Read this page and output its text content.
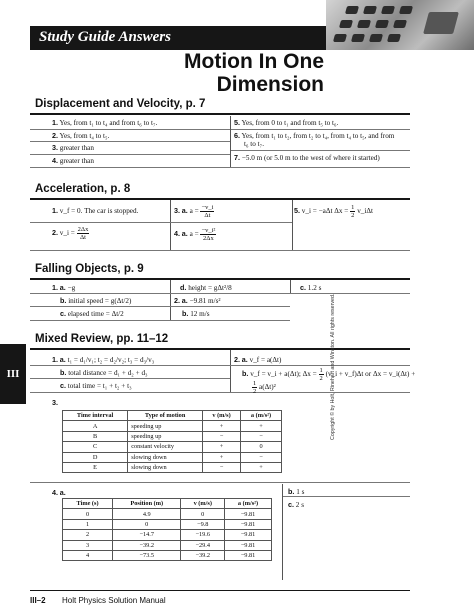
Study Guide Answers
Motion In One
Dimension
Displacement and Velocity, p. 7
1. Yes, from t₁ to t₄ and from t₆ to t₇.
2. Yes, from t₄ to t₅.
3. greater than
4. greater than
5. Yes, from 0 to t₁ and from t₅ to t₆.
6. Yes, from t₁ to t₂, from t₂ to t₄, from t₄ to t₅, and from
t₆ to t₇.
7. −5.0 m (or 5.0 m to the west of where it started)
Acceleration, p. 8
1. v_f = 0. The car is stopped.
2. v_i = $\frac{2\Delta x}{\Delta t}$
3. a. $a = \frac{-v\_i}{\Delta t}$
4. a. $a = \frac{\text{−v\_i²}}{2\Delta x}$
5. v_i = −aΔt $\Delta x = \frac{1}{2}$ v_iΔt
Falling Objects, p. 9
1. a. −g
b. initial speed = g(Δt/2)
c. elapsed time = Δt/2
d. height = gΔt²/8
2. a. −9.81 m/s²
b. 12 m/s
c. 1.2 s
Mixed Review, pp. 11–12
1. a. t₁ = d₁/v₁; t₂ = d₂/v₂; t₃ = d₃/v₃
b. total distance = d₁ + d₂ + d₃
c. total time = t₁ + t₂ + t₃
2. a. v_f = a(Δt)
b. v_f = v_i + a(Δt); $\Delta x = \frac{1}{2}$ (v_i + v_f)Δt or Δx = v_i(Δt) +
$\frac{1}{2} a(\Delta t)^2$
3.
Time interval	Type of motion	v (m/s)	a (m/s²)
A	speeding up	+	+
B	speeding up	−	−
C	constant velocity	+	0
D	slowing down	+	−
E	slowing down	−	+
4. a.	b. 1 s
c. 2 s
Time (s)	Position (m)	v (m/s)	a (m/s²)
0	4.9	0	−9.81
1	0	−9.8	−9.81
2	−14.7	−19.6	−9.81
3	−39.2	−29.4	−9.81
4	−73.5	−39.2	−9.81
III	Copyright © by Holt, Rinehart and Winston. All rights reserved.
III–2 Holt Physics Solution Manual
